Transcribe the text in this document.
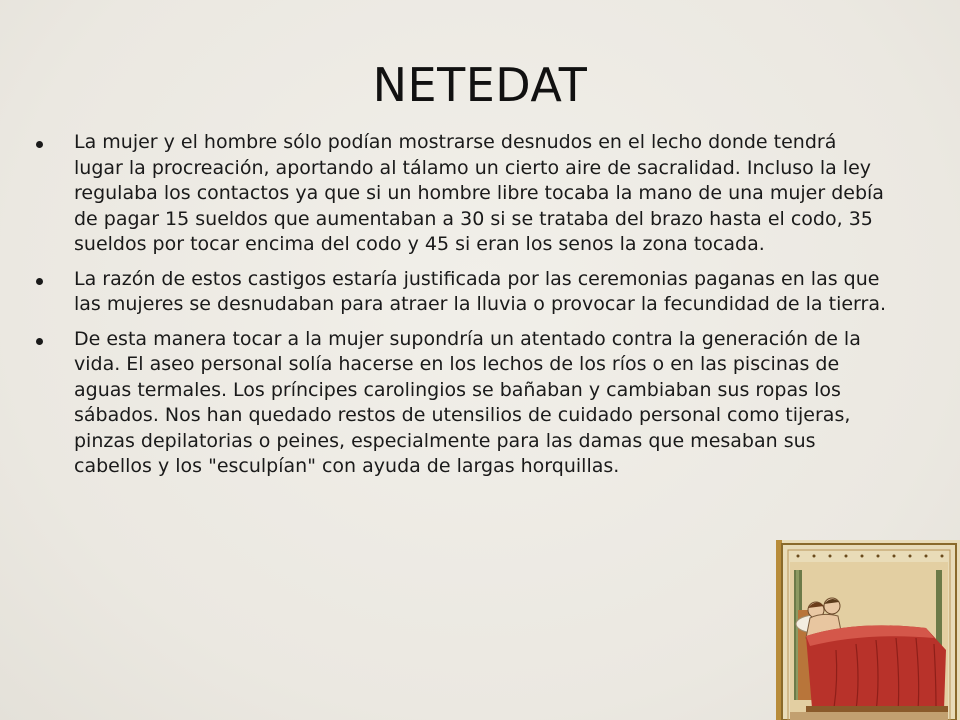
NETEDAT
La mujer y el hombre sólo podían mostrarse desnudos en el lecho donde tendrá lugar la procreación, aportando al tálamo un cierto aire de sacralidad. Incluso la ley regulaba los contactos ya que si un hombre libre tocaba la mano de una mujer debía de pagar 15 sueldos que aumentaban a 30 si se trataba del brazo hasta el codo, 35 sueldos por tocar encima del codo y 45 si eran los senos la zona tocada.
La razón de estos castigos estaría justificada por las ceremonias paganas en las que las mujeres se desnudaban para atraer la lluvia o provocar la fecundidad de la tierra.
De esta manera tocar a la mujer supondría un atentado contra la generación de la vida. El aseo personal solía hacerse en los lechos de los ríos o en las piscinas de aguas termales. Los príncipes carolingios se bañaban y cambiaban sus ropas los sábados. Nos han quedado restos de utensilios de cuidado personal como tijeras, pinzas depilatorias o peines, especialmente para las damas que mesaban sus cabellos y los "esculpían" con ayuda de largas horquillas.
